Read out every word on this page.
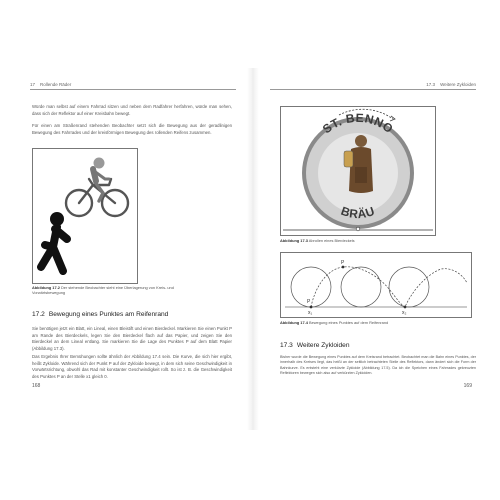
17 Rollende Räder

Würde man selbst auf einem Fahrrad sitzen und neben dem Radfahrer herfahren, würde man sehen, dass sich der Reflektor auf einer Kreisbahn bewegt.

Für einen am Straßenrand stehenden Beobachter setzt sich die Bewegung aus der geradlinigen Bewegung des Fahrrades und der kreisförmigen Bewegung des rollenden Reifens zusammen.

Abbildung 17.2 Der stehende Beobachter sieht eine Überlagerung von Kreis- und Vorwärtsbewegung

17.2 Bewegung eines Punktes am Reifenrand

Sie benötigen jetzt ein Blatt, ein Lineal, einen Bleistift und einen Bierdeckel. Markieren Sie einen Punkt P am Rande des Bierdeckels, legen Sie den Bierdeckel flach auf das Papier, und zeigen Sie den Bierdeckel an dem Lineal entlang. Sie markieren Sie die Lage des Punktes P auf dem Blatt Papier (Abbildung 17.3).

Das Ergebnis Ihrer Bemühungen sollte ähnlich der Abbildung 17.4 sein. Die Kurve, die sich hier ergibt, heißt Zykloide. Während sich der Punkt P auf der Zykloide bewegt, in dem sich seine Geschwindigkeit in Vorwärtsrichtung, obwohl das Rad mit konstanter Geschwindigkeit rollt. So ist z. B. die Geschwindigkeit des Punktes P an der Stelle x1 gleich 0.

168
17.3 Weitere Zykloiden
ST. BENNO
BRÄU

Abbildung 17.3 Abrollen eines Bierdeckels

P
P
x₁	x₂

Abbildung 17.4 Bewegung eines Punktes auf dem Reifenrand

17.3 Weitere Zykloiden

Bisher wurde die Bewegung eines Punktes auf dem Kreisrand betrachtet. Beobachtet man die Bahn eines Punktes, der innerhalb des Kreises liegt, das heißt an der seitlich betrachteten Stelle des Reflektors, dann ändert sich die Form der Bahnkurve. Es entsteht eine verkürzte Zykloide (Abbildung 17.5). Da ich die Speichen eines Fahrrades gekreuzten Reflektoren bewegen sich also auf verkürzten Zykloiden.

169
